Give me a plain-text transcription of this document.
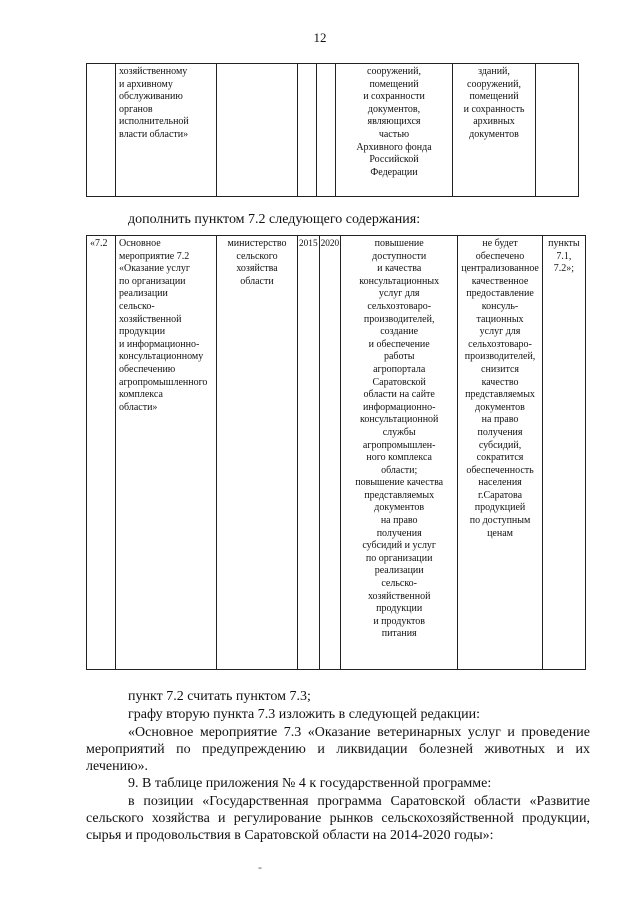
12
	хозяйственному
и архивному
обслуживанию
органов
исполнительной
власти области»				сооружений,
помещений
и сохранности
документов,
являющихся
частью
Архивного фонда
Российской
Федерации	зданий,
сооружений,
помещений
и сохранность
архивных
документов	

дополнить пунктом 7.2 следующего содержания:

«7.2	Основное
мероприятие 7.2
«Оказание услуг
по организации
реализации
сельско-
хозяйственной
продукции
и информационно-
консультационному
обеспечению
агропромышленного
комплекса
области»	министерство
сельского
хозяйства
области	2015	2020	повышение
доступности
и качества
консультационных
услуг для
сельхозтоваро-
производителей,
создание
и обеспечение
работы
агропортала
Саратовской
области на сайте
информационно-
консультационной
службы
агропромышлен-
ного комплекса
области;
повышение качества
представляемых
документов
на право
получения
субсидий и услуг
по организации
реализации
сельско-
хозяйственной
продукции
и продуктов
питания	не будет
обеспечено
централизованное
качественное
предоставление
консуль-
тационных
услуг для
сельхозтоваро-
производителей,
снизится
качество
представляемых
документов
на право
получения
субсидий,
сократится
обеспеченность
населения
г.Саратова
продукцией
по доступным
ценам	пункты
7.1,
7.2»;

пункт 7.2 считать пунктом 7.3;

графу вторую пункта 7.3 изложить в следующей редакции:

«Основное мероприятие 7.3 «Оказание ветеринарных услуг и проведение мероприятий по предупреждению и ликвидации болезней животных и их лечению».

9. В таблице приложения № 4 к государственной программе:

в позиции «Государственная программа Саратовской области «Развитие сельского хозяйства и регулирование рынков сельскохозяйственной продукции, сырья и продовольствия в Саратовской области на 2014-2020 годы»:

-
